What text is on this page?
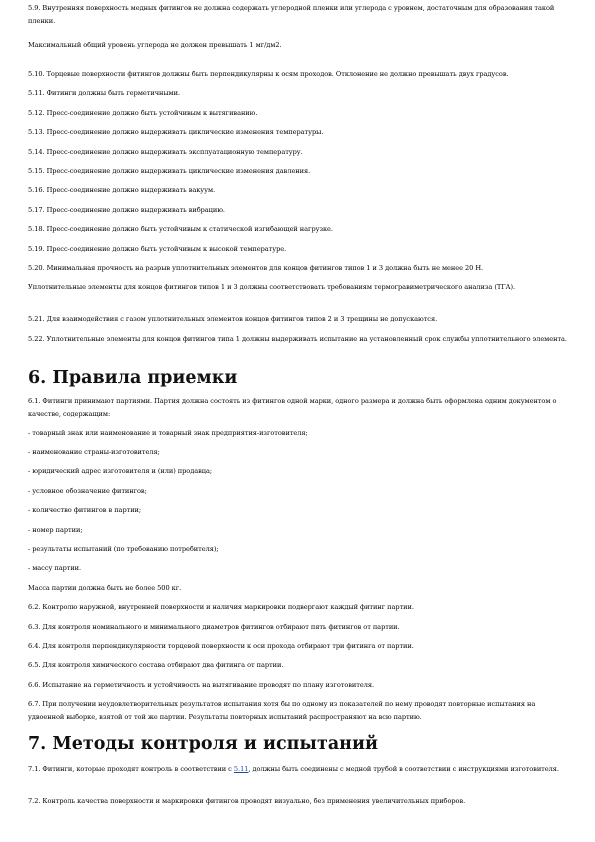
5.9. Внутренняя поверхность медных фитингов не должна содержать углеродной пленки или углерода с уровнем, достаточным для образования такой пленки.

Максимальный общий уровень углерода не должен превышать 1 мг/дм2.

5.10. Торцевые поверхности фитингов должны быть перпендикулярны к осям проходов. Отклонение не должно превышать двух градусов.

5.11. Фитинги должны быть герметичными.

5.12. Пресс-соединение должно быть устойчивым к вытягиванию.

5.13. Пресс-соединение должно выдерживать циклические изменения температуры.

5.14. Пресс-соединение должно выдерживать эксплуатационную температуру.

5.15. Пресс-соединение должно выдерживать циклические изменения давления.

5.16. Пресс-соединение должно выдерживать вакуум.

5.17. Пресс-соединение должно выдерживать вибрацию.

5.18. Пресс-соединение должно быть устойчивым к статической изгибающей нагрузке.

5.19. Пресс-соединение должно быть устойчивым к высокой температуре.

5.20. Минимальная прочность на разрыв уплотнительных элементов для концов фитингов типов 1 и 3 должна быть не менее 20 Н.

Уплотнительные элементы для концов фитингов типов 1 и 3 должны соответствовать требованиям термогравиметрического анализа (ТГА).

5.21. Для взаимодействия с газом уплотнительных элементов концов фитингов типов 2 и 3 трещины не допускаются.

5.22. Уплотнительные элементы для концов фитингов типа 1 должны выдерживать испытание на установленный срок службы уплотнительного элемента.

6. Правила приемки

6.1. Фитинги принимают партиями. Партия должна состоять из фитингов одной марки, одного размера и должна быть оформлена одним документом о качестве, содержащим:

- товарный знак или наименование и товарный знак предприятия-изготовителя;

- наименование страны-изготовителя;

- юридический адрес изготовителя и (или) продавца;

- условное обозначение фитингов;

- количество фитингов в партии;

- номер партии;

- результаты испытаний (по требованию потребителя);

- массу партии.

Масса партии должна быть не более 500 кг.

6.2. Контролю наружной, внутренней поверхности и наличия маркировки подвергают каждый фитинг партии.

6.3. Для контроля номинального и минимального диаметров фитингов отбирают пять фитингов от партии.

6.4. Для контроля перпендикулярности торцевой поверхности к оси прохода отбирают три фитинга от партии.

6.5. Для контроля химического состава отбирают два фитинга от партии.

6.6. Испытание на герметичность и устойчивость на вытягивание проводят по плану изготовителя.

6.7. При получении неудовлетворительных результатов испытания хотя бы по одному из показателей по нему проводят повторные испытания на удвоенной выборке, взятой от той же партии. Результаты повторных испытаний распространяют на всю партию.

7. Методы контроля и испытаний

7.1. Фитинги, которые проходят контроль в соответствии с 5.11, должны быть соединены с медной трубой в соответствии с инструкциями изготовителя.

7.2. Контроль качества поверхности и маркировки фитингов проводят визуально, без применения увеличительных приборов.
